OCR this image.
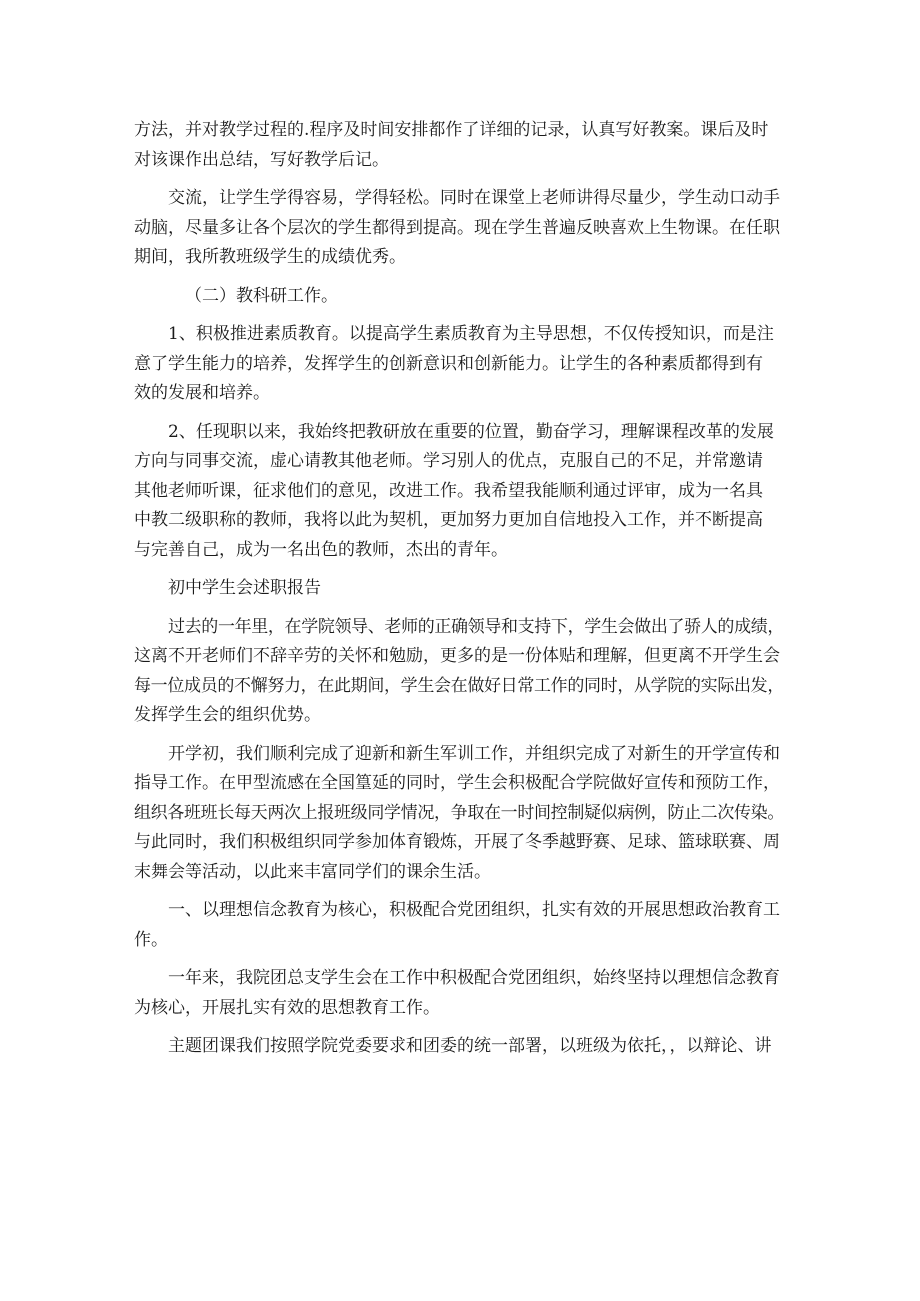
方法，并对教学过程的.程序及时间安排都作了详细的记录，认真写好教案。课后及时
对该课作出总结，写好教学后记。
交流，让学生学得容易，学得轻松。同时在课堂上老师讲得尽量少，学生动口动手
动脑，尽量多让各个层次的学生都得到提高。现在学生普遍反映喜欢上生物课。在任职
期间，我所教班级学生的成绩优秀。
（二）教科研工作。
1、积极推进素质教育。以提高学生素质教育为主导思想，不仅传授知识，而是注
意了学生能力的培养，发挥学生的创新意识和创新能力。让学生的各种素质都得到有
效的发展和培养。
2、任现职以来，我始终把教研放在重要的位置，勤奋学习，理解课程改革的发展
方向与同事交流，虚心请教其他老师。学习别人的优点，克服自己的不足，并常邀请
其他老师听课，征求他们的意见，改进工作。我希望我能顺利通过评审，成为一名具
中教二级职称的教师，我将以此为契机，更加努力更加自信地投入工作，并不断提高
与完善自己，成为一名出色的教师，杰出的青年。
初中学生会述职报告
过去的一年里，在学院领导、老师的正确领导和支持下，学生会做出了骄人的成绩，
这离不开老师们不辞辛劳的关怀和勉励，更多的是一份体贴和理解，但更离不开学生会
每一位成员的不懈努力，在此期间，学生会在做好日常工作的同时，从学院的实际出发，
发挥学生会的组织优势。
开学初，我们顺利完成了迎新和新生军训工作，并组织完成了对新生的开学宣传和
指导工作。在甲型流感在全国篁延的同时，学生会积极配合学院做好宣传和预防工作，
组织各班班长每天两次上报班级同学情况，争取在一时间控制疑似病例，防止二次传染。
与此同时，我们积极组织同学参加体育锻炼，开展了冬季越野赛、足球、篮球联赛、周
末舞会等活动，以此来丰富同学们的课余生活。
一、以理想信念教育为核心，积极配合党团组织，扎实有效的开展思想政治教育工
作。
一年来，我院团总支学生会在工作中积极配合党团组织，始终坚持以理想信念教育
为核心，开展扎实有效的思想教育工作。
主题团课我们按照学院党委要求和团委的统一部署，以班级为依托，，以辩论、讲
